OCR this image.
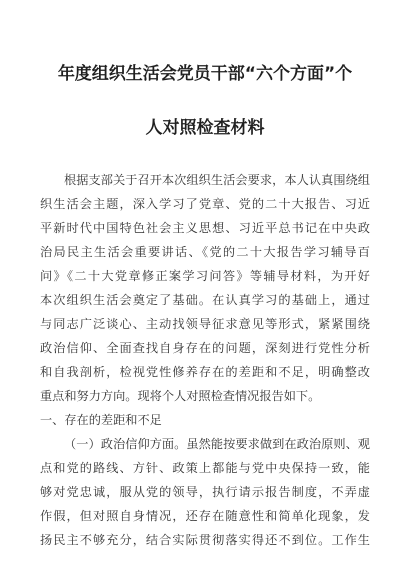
年度组织生活会党员干部“六个方面”个
人对照检查材料
根据支部关于召开本次组织生活会要求，本人认真围绕组
织生活会主题，深入学习了党章、党的二十大报告、习近
平新时代中国特色社会主义思想、习近平总书记在中央政
治局民主生活会重要讲话、《党的二十大报告学习辅导百
问》《二十大党章修正案学习问答》等辅导材料，为开好
本次组织生活会奠定了基础。在认真学习的基础上，通过
与同志广泛谈心、主动找领导征求意见等形式，紧紧围绕
政治信仰、全面查找自身存在的问题，深刻进行党性分析
和自我剖析，检视党性修养存在的差距和不足，明确整改
重点和努力方向。现将个人对照检查情况报告如下。
一、存在的差距和不足
（一）政治信仰方面。虽然能按要求做到在政治原则、观
点和党的路线、方针、政策上都能与党中央保持一致，能
够对党忠诚，服从党的领导，执行请示报告制度，不弄虚
作假，但对照自身情况，还存在随意性和简单化现象，发
扬民主不够充分，结合实际贯彻落实得还不到位。工作生
